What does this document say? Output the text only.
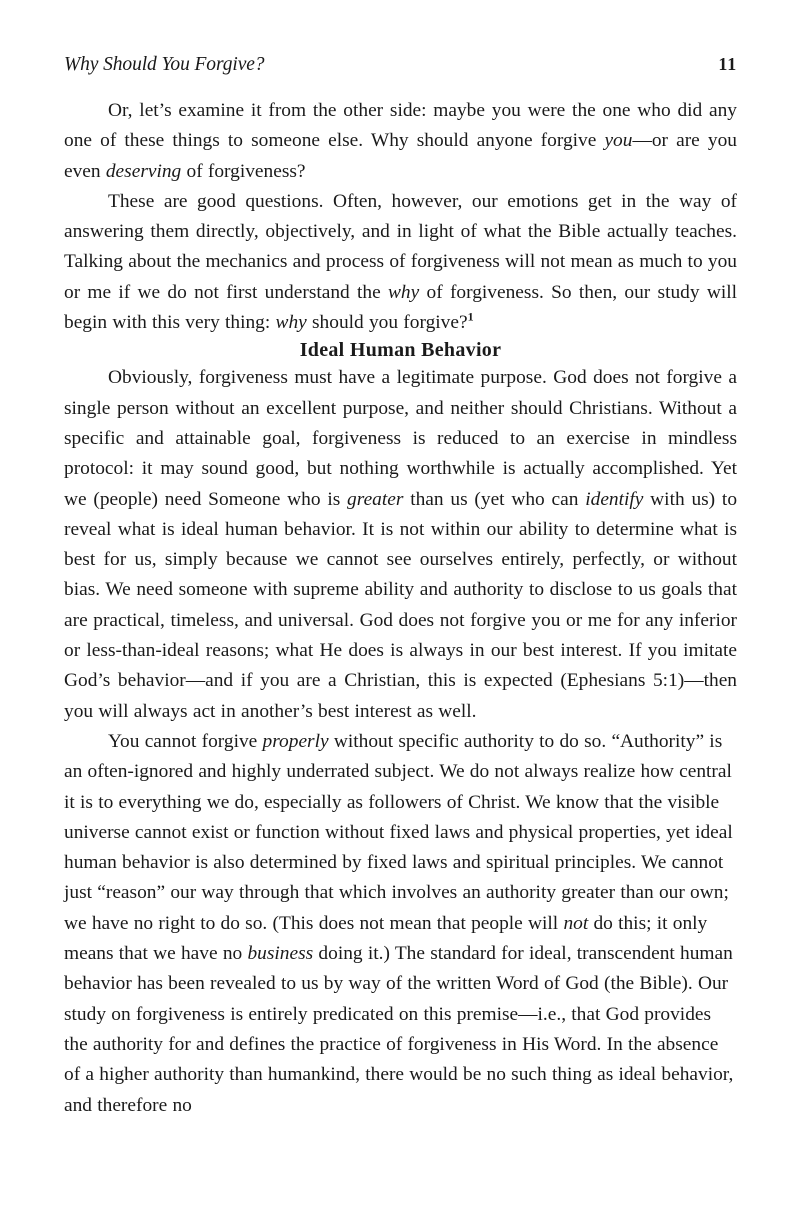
Why Should You Forgive?	11

Or, let’s examine it from the other side: maybe you were the one who did any one of these things to someone else. Why should anyone forgive you—or are you even deserving of forgiveness?

These are good questions. Often, however, our emotions get in the way of answering them directly, objectively, and in light of what the Bible actually teaches. Talking about the mechanics and process of forgiveness will not mean as much to you or me if we do not first understand the why of forgiveness. So then, our study will begin with this very thing: why should you forgive?$^1$

Ideal Human Behavior

Obviously, forgiveness must have a legitimate purpose. God does not forgive a single person without an excellent purpose, and neither should Christians. Without a specific and attainable goal, forgiveness is reduced to an exercise in mindless protocol: it may sound good, but nothing worthwhile is actually accomplished. Yet we (people) need Someone who is greater than us (yet who can identify with us) to reveal what is ideal human behavior. It is not within our ability to determine what is best for us, simply because we cannot see ourselves entirely, perfectly, or without bias. We need someone with supreme ability and authority to disclose to us goals that are practical, timeless, and universal. God does not forgive you or me for any inferior or less-than-ideal reasons; what He does is always in our best interest. If you imitate God’s behavior—and if you are a Christian, this is expected (Ephesians 5:1)—then you will always act in another’s best interest as well.

You cannot forgive properly without specific authority to do so. “Authority” is an often-ignored and highly underrated subject. We do not always realize how central it is to everything we do, especially as followers of Christ. We know that the visible universe cannot exist or function without fixed laws and physical properties, yet ideal human behavior is also determined by fixed laws and spiritual principles. We cannot just “reason” our way through that which involves an authority greater than our own; we have no right to do so. (This does not mean that people will not do this; it only means that we have no business doing it.) The standard for ideal, transcendent human behavior has been revealed to us by way of the written Word of God (the Bible). Our study on forgiveness is entirely predicated on this premise—i.e., that God provides the authority for and defines the practice of forgiveness in His Word. In the absence of a higher authority than humankind, there would be no such thing as ideal behavior, and therefore no
